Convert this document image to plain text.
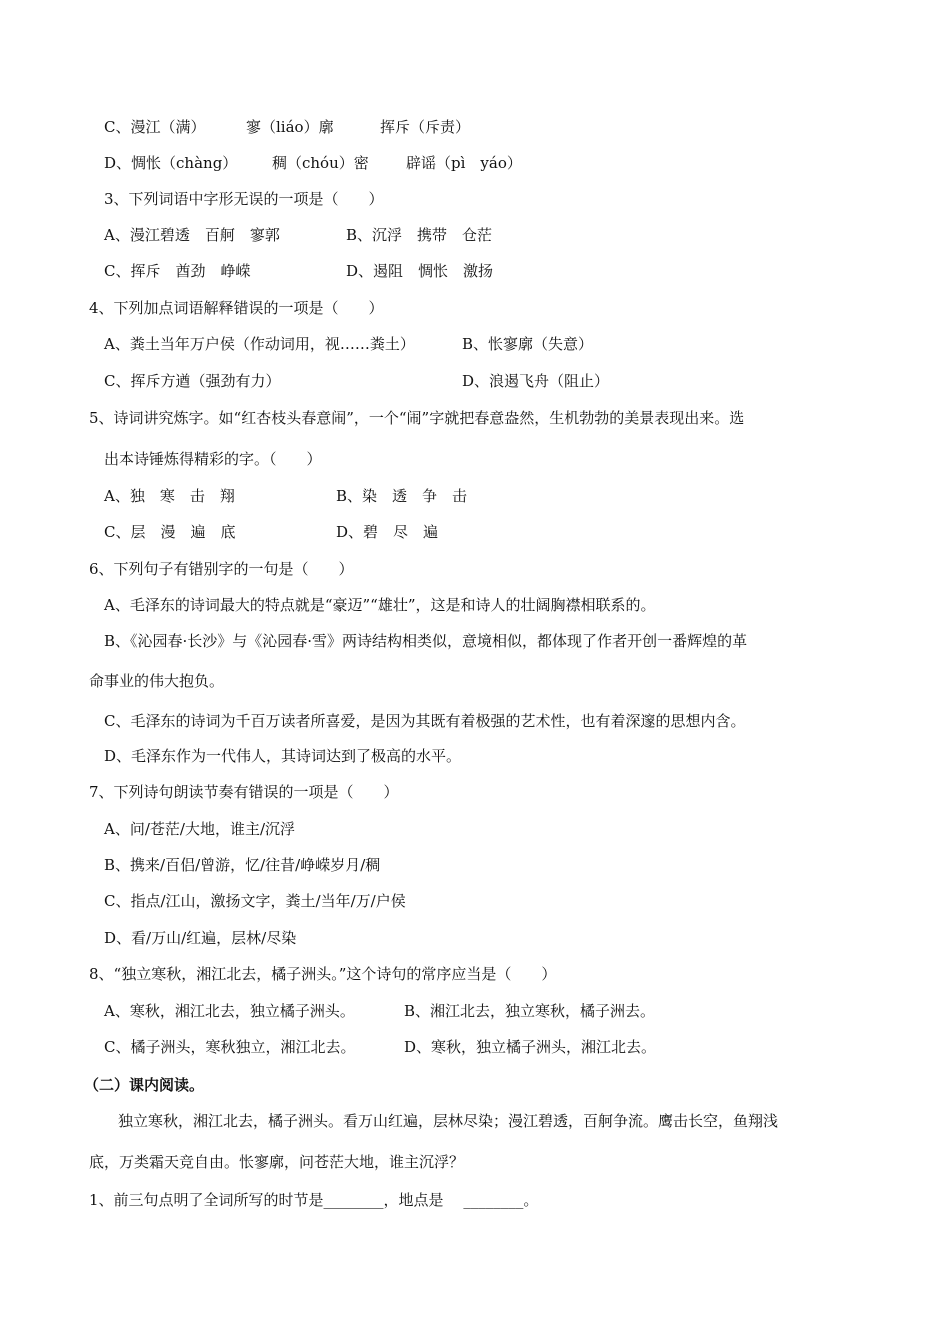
C、漫江（满）	寥（liáo）廓	挥斥（斥责）
D、惆怅（chàng） 稠（chóu）密 辟谣（pì　yáo）
3、下列词语中字形无误的一项是（　　）
A、漫江碧透　百舸　寥郭	B、沉浮　携带　仓茫
C、挥斥　酋劲　峥嵘	D、遏阻　惆怅　激扬
4、下列加点词语解释错误的一项是（　　）
A、粪土当年万户侯（作动词用，视……粪土）	B、怅寥廓（失意）
C、挥斥方遒（强劲有力）	D、浪遏飞舟（阻止）
5、诗词讲究炼字。如“红杏枝头春意闹”，一个“闹”字就把春意盎然，生机勃勃的美景表现出来。选
出本诗锤炼得精彩的字。（　　）
A、独　寒　击　翔	B、染　透　争　击
C、层　漫　遍　底	D、碧　尽　遍
6、下列句子有错别字的一句是（　　）
A、毛泽东的诗词最大的特点就是“豪迈”“雄壮”，这是和诗人的壮阔胸襟相联系的。
B、《沁园春·长沙》与《沁园春·雪》两诗结构相类似，意境相似，都体现了作者开创一番辉煌的革
命事业的伟大抱负。
C、毛泽东的诗词为千百万读者所喜爱，是因为其既有着极强的艺术性，也有着深邃的思想内含。
D、毛泽东作为一代伟人，其诗词达到了极高的水平。
7、下列诗句朗读节奏有错误的一项是（　　）
A、问/苍茫/大地，谁主/沉浮
B、携来/百侣/曾游，忆/往昔/峥嵘岁月/稠
C、指点/江山，激扬文字，粪土/当年/万/户侯
D、看/万山/红遍，层林/尽染
8、“独立寒秋，湘江北去，橘子洲头。”这个诗句的常序应当是（　　）
A、寒秋，湘江北去，独立橘子洲头。	B、湘江北去，独立寒秋，橘子洲去。
C、橘子洲头，寒秋独立，湘江北去。	D、寒秋，独立橘子洲头，湘江北去。
（二）课内阅读。
独立寒秋，湘江北去，橘子洲头。看万山红遍，层林尽染；漫江碧透，百舸争流。鹰击长空，鱼翔浅
底，万类霜天竞自由。怅寥廓，问苍茫大地，谁主沉浮？
1、前三句点明了全词所写的时节是________，地点是　 ________。
